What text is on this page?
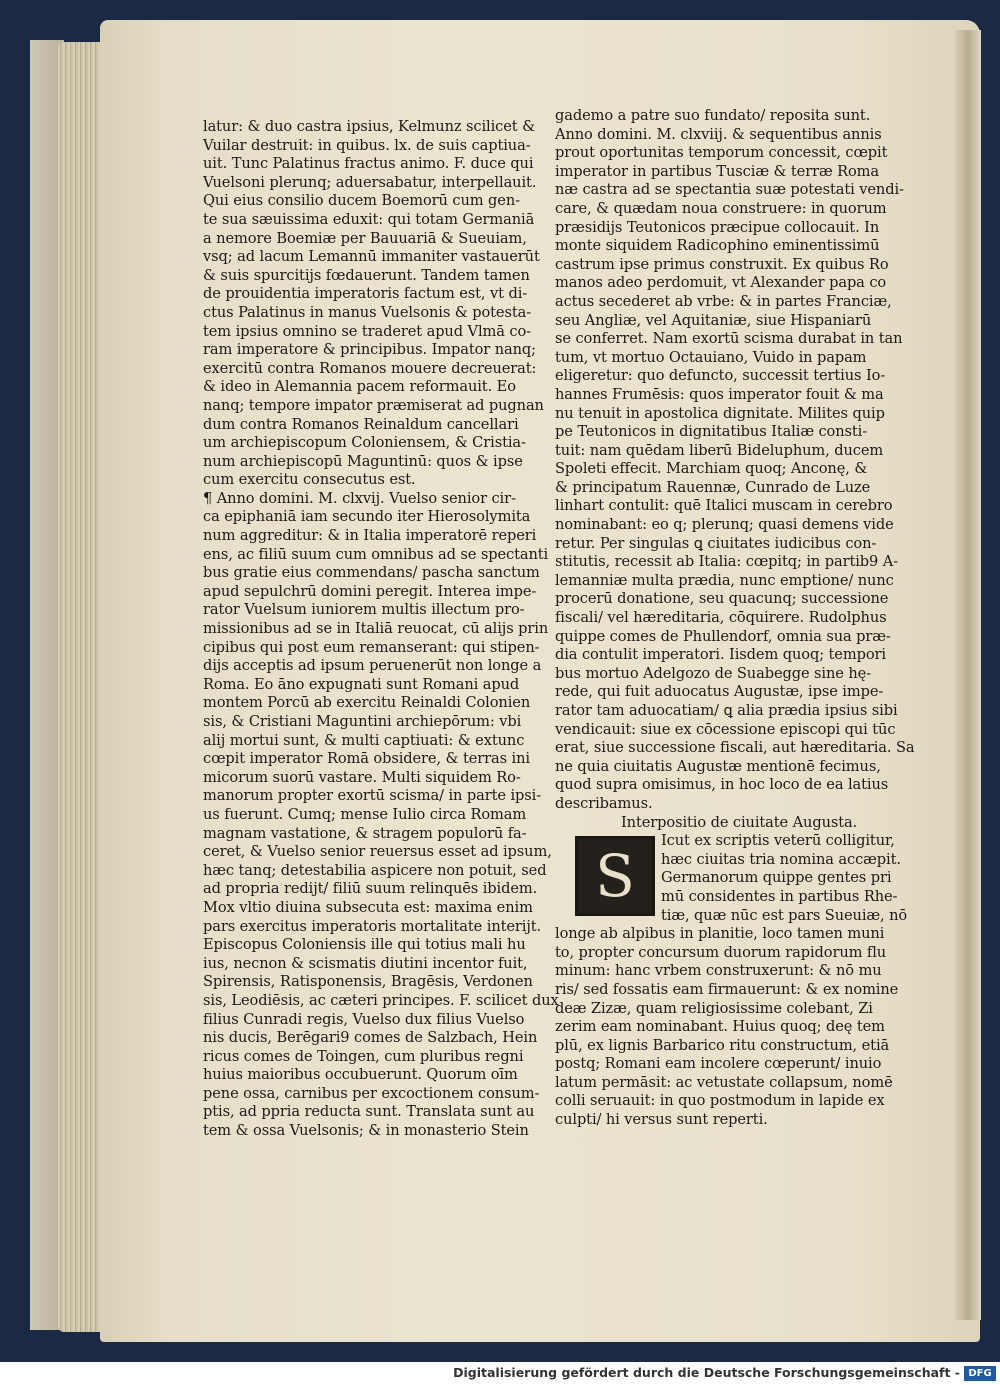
latur: & duo castra ipsius, Kelmunz scilicet &

Vuilar destruit: in quibus. lx. de suis captiua-

uit. Tunc Palatinus fractus animo. F. duce qui

Vuelsoni plerunq; aduersabatur, interpellauit.

Qui eius consilio ducem Boemorū cum gen-

te sua sæuissima eduxit: qui totam Germaniā

a nemore Boemiæ per Bauuariā & Sueuiam,

vsq; ad lacum Lemannū immaniter vastauerūt

& suis spurcitijs fœdauerunt. Tandem tamen

de prouidentia imperatoris factum est, vt di-

ctus Palatinus in manus Vuelsonis & potesta-

tem ipsius omnino se traderet apud Vlmā co-

ram imperatore & principibus. Impator nanq;

exercitū contra Romanos mouere decreuerat:

& ideo in Alemannia pacem reformauit. Eo

nanq; tempore impator præmiserat ad pugnan

dum contra Romanos Reinaldum cancellari

um archiepiscopum Coloniensem, & Cristia-

num archiepiscopū Maguntinū: quos & ipse

cum exercitu consecutus est.

¶ Anno domini. M. clxvij. Vuelso senior cir-

ca epiphaniā iam secundo iter Hierosolymita

num aggreditur: & in Italia imperatorē reperi

ens, ac filiū suum cum omnibus ad se spectanti

bus gratie eius commendans/ pascha sanctum

apud sepulchrū domini peregit. Interea impe-

rator Vuelsum iuniorem multis illectum pro-

missionibus ad se in Italiā reuocat, cū alijs prin

cipibus qui post eum remanserant: qui stipen-

dijs acceptis ad ipsum peruenerūt non longe a

Roma. Eo āno expugnati sunt Romani apud

montem Porcū ab exercitu Reinaldi Colonien

sis, & Cristiani Maguntini archiepōrum: vbi

alij mortui sunt, & multi captiuati: & extunc

cœpit imperator Romā obsidere, & terras ini

micorum suorū vastare. Multi siquidem Ro-

manorum propter exortū scisma/ in parte ipsi-

us fuerunt. Cumq; mense Iulio circa Romam

magnam vastatione, & stragem populorū fa-

ceret, & Vuelso senior reuersus esset ad ipsum,

hæc tanq; detestabilia aspicere non potuit, sed

ad propria redijt/ filiū suum relinquēs ibidem.

Mox vltio diuina subsecuta est: maxima enim

pars exercitus imperatoris mortalitate interijt.

Episcopus Coloniensis ille qui totius mali hu

ius, necnon & scismatis diutini incentor fuit,

Spirensis, Ratisponensis, Bragēsis, Verdonen

sis, Leodiēsis, ac cæteri principes. F. scilicet dux

filius Cunradi regis, Vuelso dux filius Vuelso

nis ducis, Berēgari9 comes de Salzbach, Hein

ricus comes de Toingen, cum pluribus regni

huius maioribus occubuerunt. Quorum oīm

pene ossa, carnibus per excoctionem consum-

ptis, ad ppria reducta sunt. Translata sunt au

tem & ossa Vuelsonis; & in monasterio Stein

gademo a patre suo fundato/ reposita sunt.

Anno domini. M. clxviij. & sequentibus annis

prout oportunitas temporum concessit, cœpit

imperator in partibus Tusciæ & terræ Roma

næ castra ad se spectantia suæ potestati vendi-

care, & quædam noua construere: in quorum

præsidijs Teutonicos præcipue collocauit. In

monte siquidem Radicophino eminentissimū

castrum ipse primus construxit. Ex quibus Ro

manos adeo perdomuit, vt Alexander papa co

actus secederet ab vrbe: & in partes Franciæ,

seu Angliæ, vel Aquitaniæ, siue Hispaniarū

se conferret. Nam exortū scisma durabat in tan

tum, vt mortuo Octauiano, Vuido in papam

eligeretur: quo defuncto, successit tertius Io-

hannes Frumēsis: quos imperator fouit & ma

nu tenuit in apostolica dignitate. Milites quip

pe Teutonicos in dignitatibus Italiæ consti-

tuit: nam quēdam liberū Bideluphum, ducem

Spoleti effecit. Marchiam quoq; Anconę, &

& principatum Rauennæ, Cunrado de Luze

linhart contulit: quē Italici muscam in cerebro

nominabant: eo q; plerunq; quasi demens vide

retur. Per singulas ꝗ ciuitates iudicibus con-

stitutis, recessit ab Italia: cœpitq; in partib9 A-

lemanniæ multa prædia, nunc emptione/ nunc

procerū donatione, seu quacunq; successione

fiscali/ vel hæreditaria, cōquirere. Rudolphus

quippe comes de Phullendorf, omnia sua præ-

dia contulit imperatori. Iisdem quoq; tempori

bus mortuo Adelgozo de Suabegge sine hę-

rede, qui fuit aduocatus Augustæ, ipse impe-

rator tam aduocatiam/ ꝗ alia prædia ipsius sibi

vendicauit: siue ex cōcessione episcopi qui tūc

erat, siue successione fiscali, aut hæreditaria. Sa

ne quia ciuitatis Augustæ mentionē fecimus,

quod supra omisimus, in hoc loco de ea latius

describamus.

Interpositio de ciuitate Augusta.

S

Icut ex scriptis veterū colligitur,

hæc ciuitas tria nomina accæpit.

Germanorum quippe gentes pri

mū considentes in partibus Rhe-

tiæ, quæ nūc est pars Sueuiæ, nō

longe ab alpibus in planitie, loco tamen muni

to, propter concursum duorum rapidorum flu

minum: hanc vrbem construxerunt: & nō mu

ris/ sed fossatis eam firmauerunt: & ex nomine

deæ Zizæ, quam religiosissime colebant, Zi

zerim eam nominabant. Huius quoq; deę tem

plū, ex lignis Barbarico ritu constructum, etiā

postq; Romani eam incolere cœperunt/ inuio

latum permāsit: ac vetustate collapsum, nomē

colli seruauit: in quo postmodum in lapide ex

culpti/ hi versus sunt reperti.

Digitalisierung gefördert durch die Deutsche Forschungsgemeinschaft - DFG
